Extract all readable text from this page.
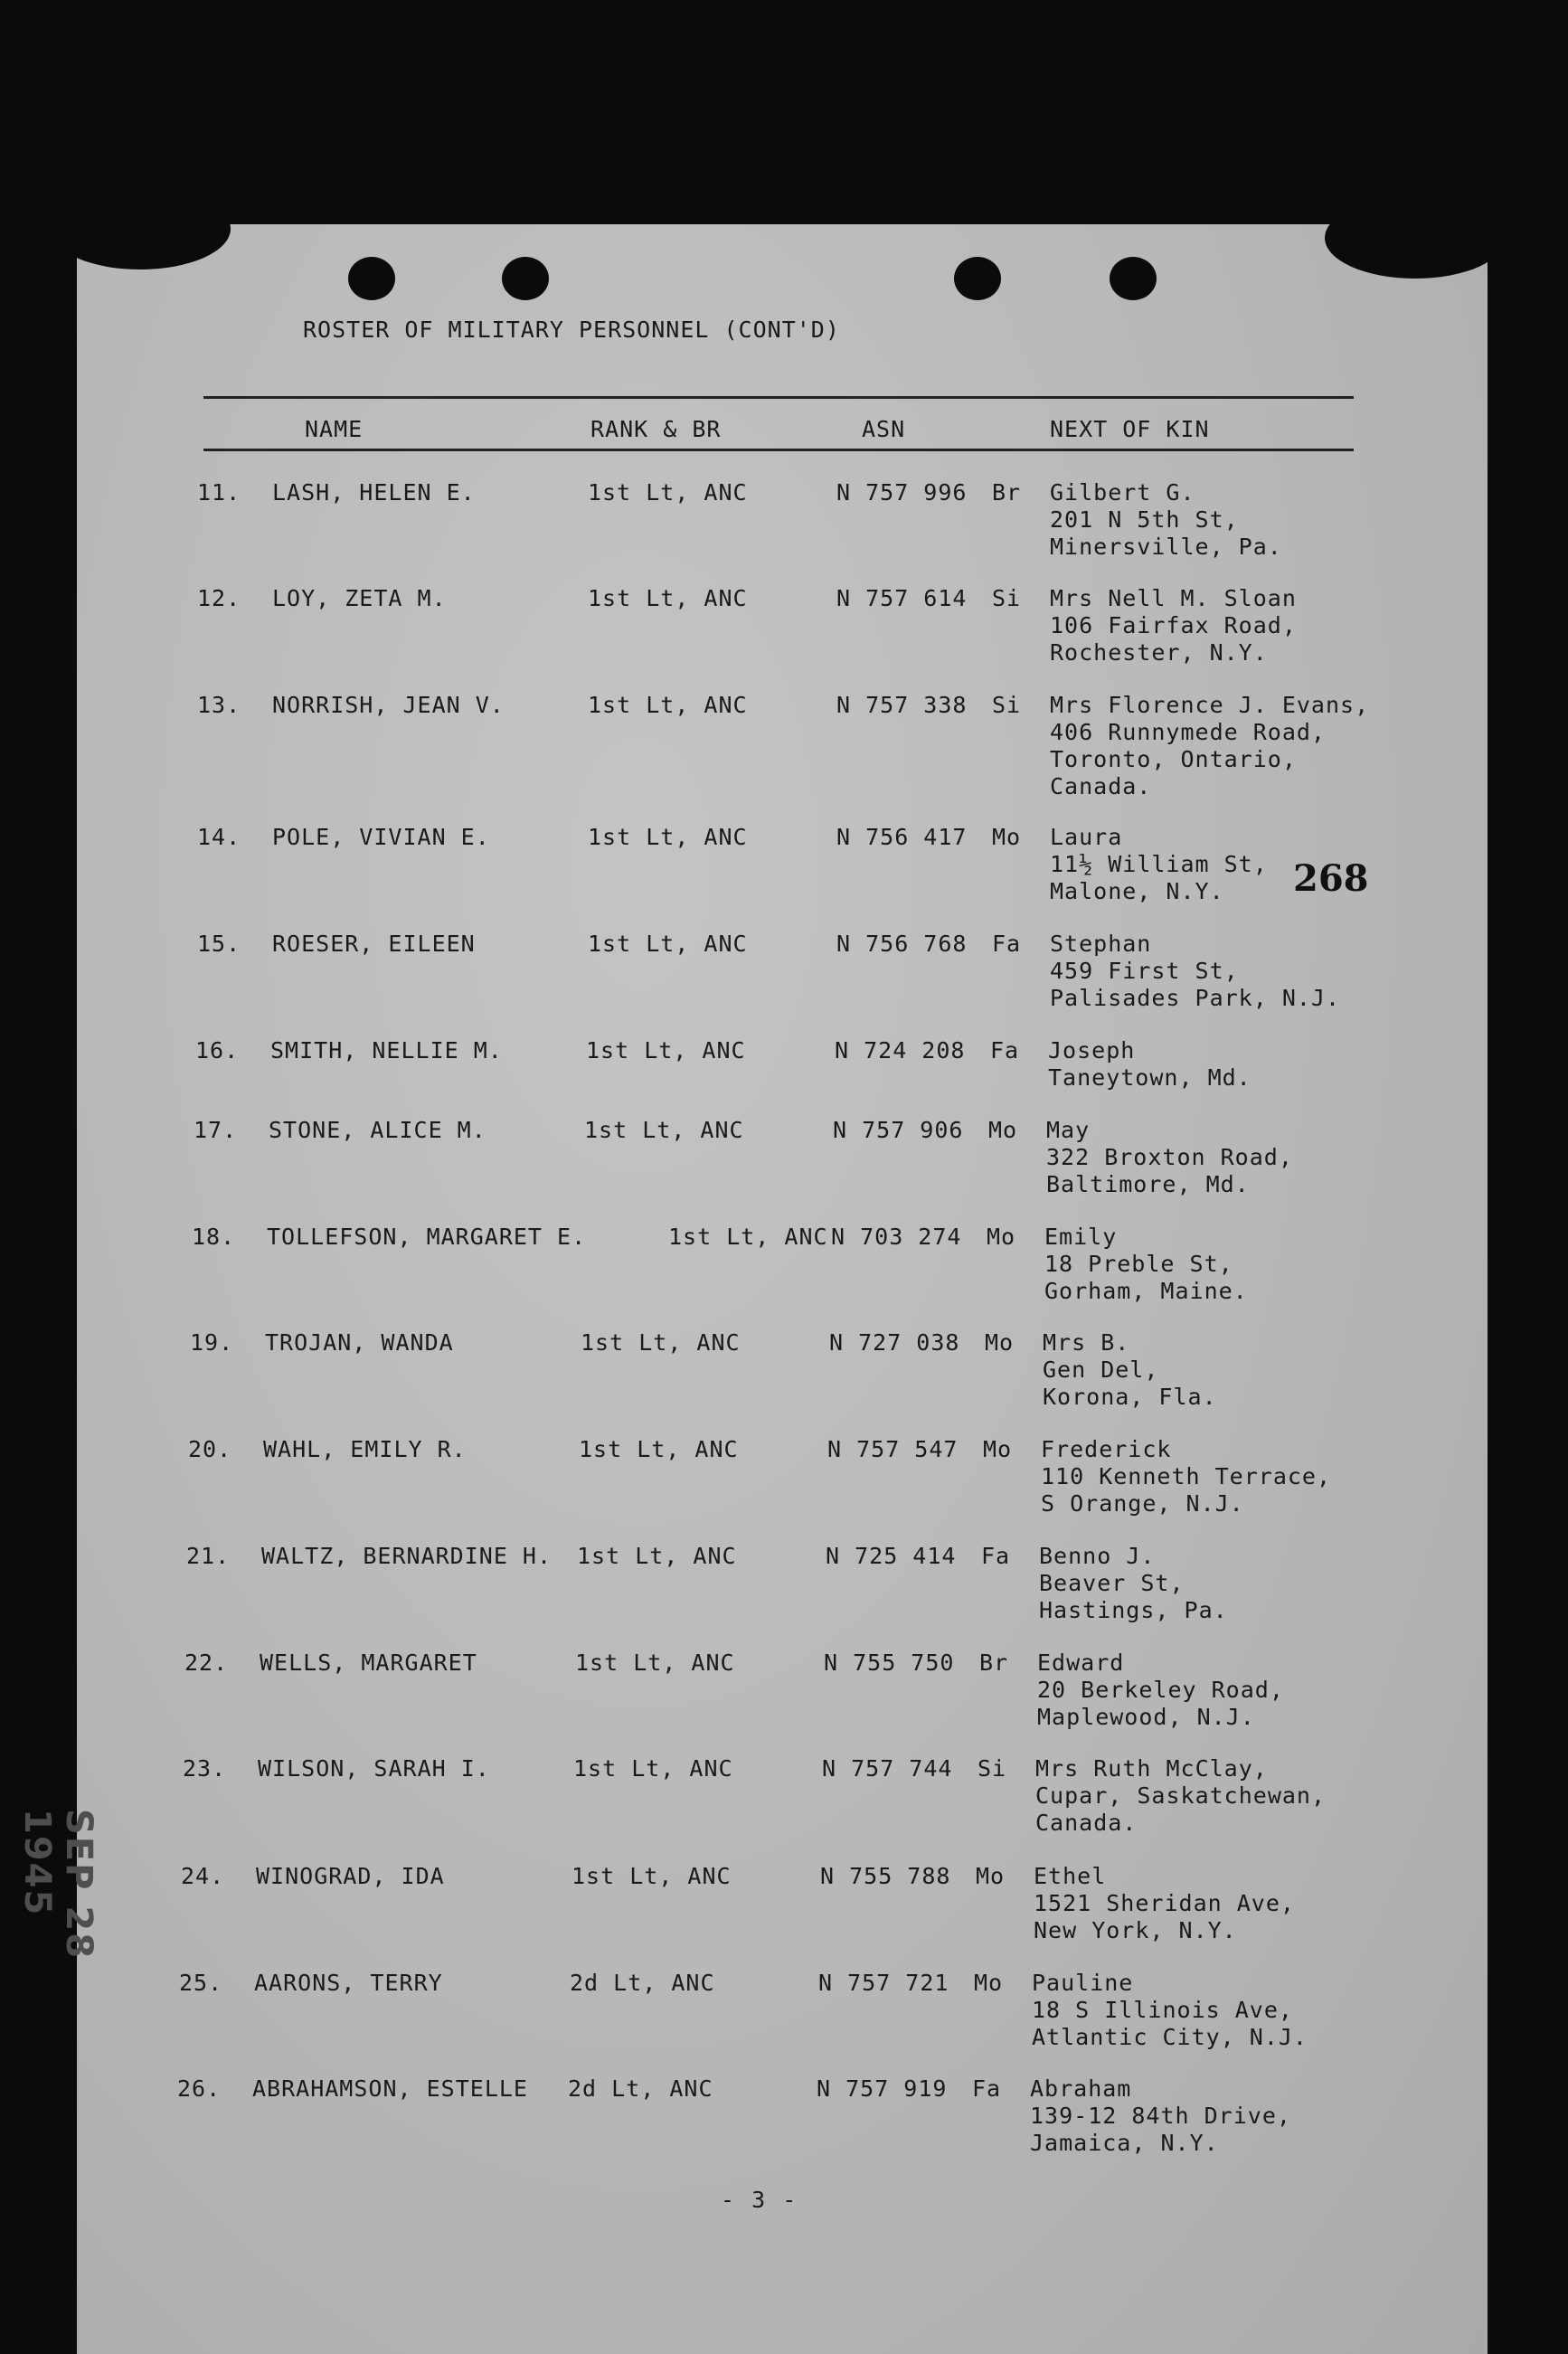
ROSTER OF MILITARY PERSONNEL (CONT'D)
NAME	RANK & BR	ASN	NEXT OF KIN
11. LASH, HELEN E.	1st Lt, ANC	N 757 996 Br Gilbert G.
201 N 5th St,
Minersville, Pa.
12. LOY, ZETA M.	1st Lt, ANC	N 757 614 Si Mrs Nell M. Sloan
106 Fairfax Road,
Rochester, N.Y.
13. NORRISH, JEAN V.	1st Lt, ANC	N 757 338 Si Mrs Florence J. Evans,
406 Runnymede Road,
Toronto, Ontario,
Canada.
14. POLE, VIVIAN E.	1st Lt, ANC	N 756 417 Mo Laura
11½ William St,
Malone, N.Y.
15. ROESER, EILEEN	1st Lt, ANC	N 756 768 Fa Stephan
459 First St,
Palisades Park, N.J.
16. SMITH, NELLIE M.	1st Lt, ANC	N 724 208 Fa Joseph
Taneytown, Md.
17. STONE, ALICE M.	1st Lt, ANC	N 757 906 Mo May
322 Broxton Road,
Baltimore, Md.
18. TOLLEFSON, MARGARET E.	1st Lt, ANC N 703 274 Mo Emily
18 Preble St,
Gorham, Maine.
19. TROJAN, WANDA	1st Lt, ANC	N 727 038 Mo Mrs B.
Gen Del,
Korona, Fla.
20. WAHL, EMILY R.	1st Lt, ANC	N 757 547 Mo Frederick
110 Kenneth Terrace,
S Orange, N.J.
21. WALTZ, BERNARDINE H. 1st Lt, ANC	N 725 414 Fa Benno J.
Beaver St,
Hastings, Pa.
22. WELLS, MARGARET	1st Lt, ANC	N 755 750 Br Edward
20 Berkeley Road,
Maplewood, N.J.
23. WILSON, SARAH I.	1st Lt, ANC	N 757 744 Si Mrs Ruth McClay,
Cupar, Saskatchewan,
Canada.
24. WINOGRAD, IDA	1st Lt, ANC	N 755 788 Mo Ethel
1521 Sheridan Ave,
New York, N.Y.
25. AARONS, TERRY	2d Lt, ANC	N 757 721 Mo Pauline
18 S Illinois Ave,
Atlantic City, N.J.
26. ABRAHAMSON, ESTELLE 2d Lt, ANC	N 757 919 Fa Abraham
139-12 84th Drive,
Jamaica, N.Y.
268
- 3 -
SEP 28 1945
